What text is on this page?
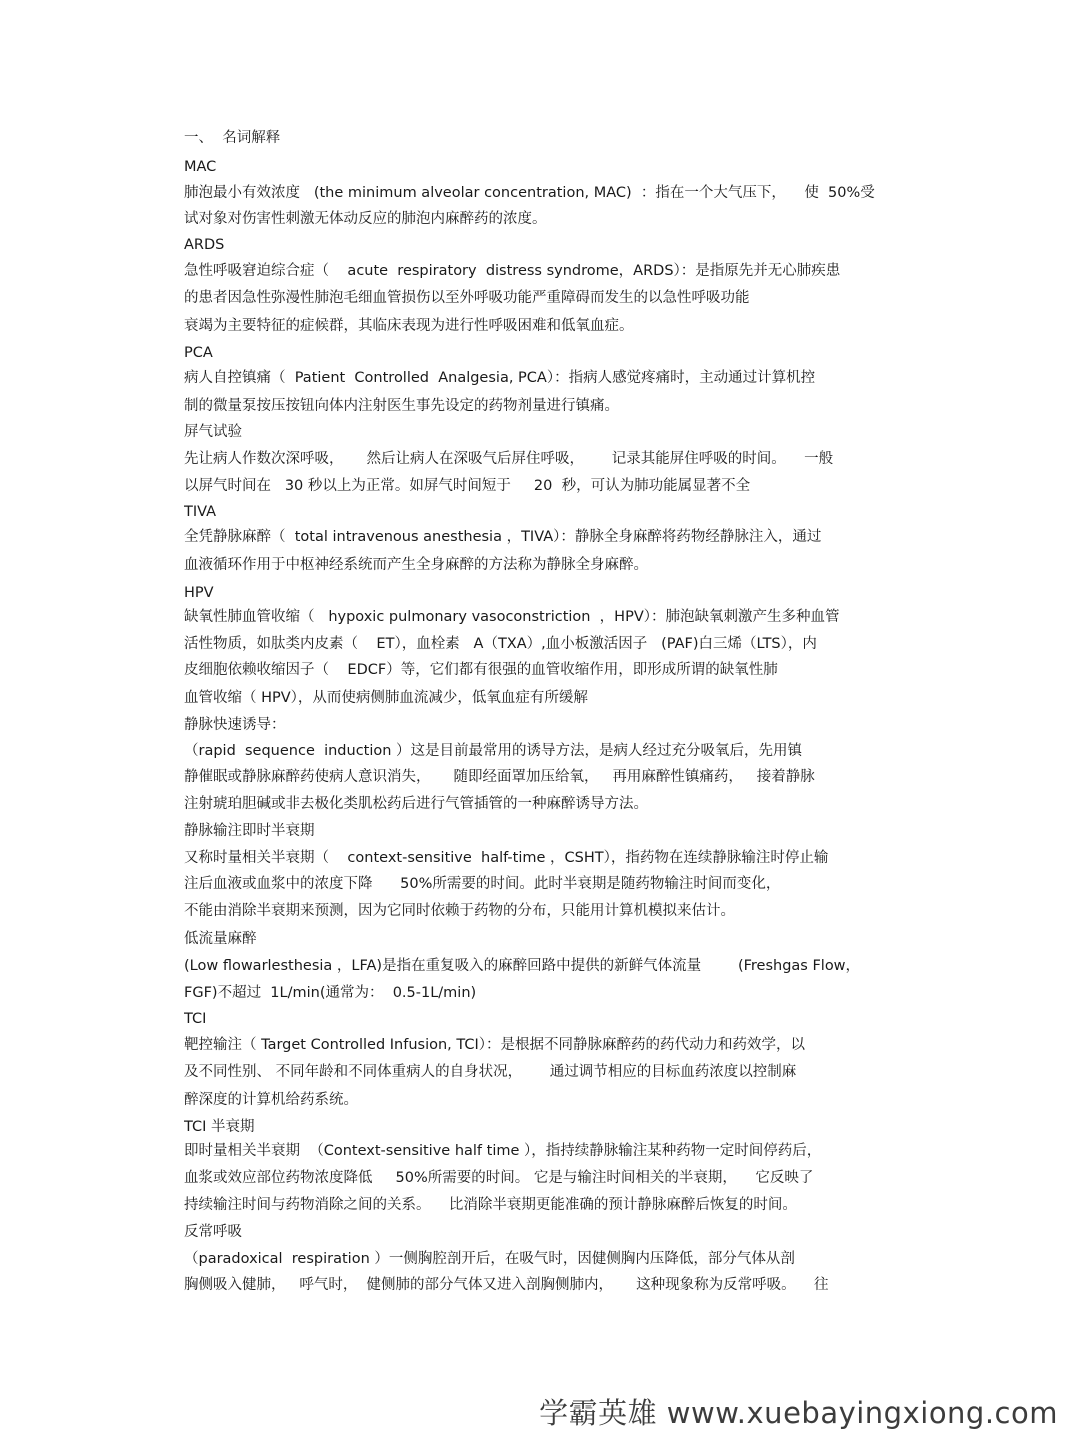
一、  名词解释
MAC
肺泡最小有效浓度   (the minimum alveolar concentration, MAC)  ：指在一个大气压下，    使  50%受
试对象对伤害性刺激无体动反应的肺泡内麻醉药的浓度。
ARDS
急性呼吸窘迫综合症（    acute  respiratory  distress syndrome，ARDS）：是指原先并无心肺疾患
的患者因急性弥漫性肺泡毛细血管损伤以至外呼吸功能严重障碍而发生的以急性呼吸功能
衰竭为主要特征的症候群，其临床表现为进行性呼吸困难和低氧血症。
PCA
病人自控镇痛（  Patient  Controlled  Analgesia, PCA）：指病人感觉疼痛时，主动通过计算机控
制的微量泵按压按钮向体内注射医生事先设定的药物剂量进行镇痛。
屏气试验
先让病人作数次深呼吸，     然后让病人在深吸气后屏住呼吸，      记录其能屏住呼吸的时间。    一般
以屏气时间在   30 秒以上为正常。如屏气时间短于     20  秒，可认为肺功能属显著不全
TIVA
全凭静脉麻醉（  total intravenous anesthesia ，TIVA）：静脉全身麻醉将药物经静脉注入，通过
血液循环作用于中枢神经系统而产生全身麻醉的方法称为静脉全身麻醉。
HPV
缺氧性肺血管收缩（   hypoxic pulmonary vasoconstriction  ，HPV）：肺泡缺氧刺激产生多种血管
活性物质，如肽类内皮素（    ET），血栓素   A（TXA）,血小板激活因子   (PAF)白三烯（LTS），内
皮细胞依赖收缩因子（    EDCF）等，它们都有很强的血管收缩作用，即形成所谓的缺氧性肺
血管收缩（ HPV），从而使病侧肺血流减少，低氧血症有所缓解
静脉快速诱导：
（rapid  sequence  induction ）这是目前最常用的诱导方法，是病人经过充分吸氧后，先用镇
静催眠或静脉麻醉药使病人意识消失，     随即经面罩加压给氧，   再用麻醉性镇痛药，   接着静脉
注射琥珀胆碱或非去极化类肌松药后进行气管插管的一种麻醉诱导方法。
静脉输注即时半衰期
又称时量相关半衰期（    context-sensitive  half-time ，CSHT），指药物在连续静脉输注时停止输
注后血液或血浆中的浓度下降      50%所需要的时间。此时半衰期是随药物输注时间而变化，
不能由消除半衰期来预测，因为它同时依赖于药物的分布，只能用计算机模拟来估计。
低流量麻醉
(Low flowarlesthesia ，LFA)是指在重复吸入的麻醉回路中提供的新鲜气体流量        (Freshgas Flow，
FGF)不超过  1L/min(通常为：  0.5-1L/min)
TCI
靶控输注（ Target Controlled Infusion, TCI）：是根据不同静脉麻醉药的药代动力和药效学，以
及不同性别、 不同年龄和不同体重病人的自身状况，      通过调节相应的目标血药浓度以控制麻
醉深度的计算机给药系统。
TCI 半衰期
即时量相关半衰期  （Context-sensitive half time ），指持续静脉输注某种药物一定时间停药后，
血浆或效应部位药物浓度降低     50%所需要的时间。 它是与输注时间相关的半衰期，    它反映了
持续输注时间与药物消除之间的关系。    比消除半衰期更能准确的预计静脉麻醉后恢复的时间。
反常呼吸
（paradoxical  respiration ）一侧胸腔剖开后，在吸气时，因健侧胸内压降低，部分气体从剖
胸侧吸入健肺，   呼气时，  健侧肺的部分气体又进入剖胸侧肺内，     这种现象称为反常呼吸。    往
学霸英雄 www.xuebayingxiong.com
